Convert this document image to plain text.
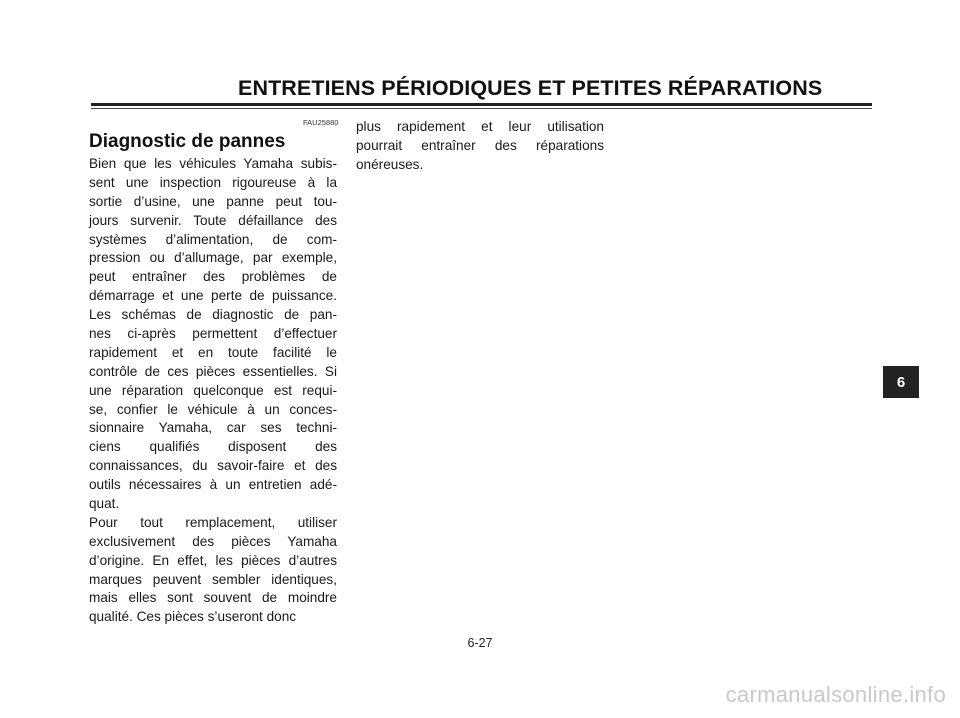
ENTRETIENS PÉRIODIQUES ET PETITES RÉPARATIONS
FAU25880
Diagnostic de pannes
Bien que les véhicules Yamaha subis-
sent une inspection rigoureuse à la
sortie d’usine, une panne peut tou-
jours survenir. Toute défaillance des
systèmes d’alimentation, de com-
pression ou d’allumage, par exemple,
peut entraîner des problèmes de
démarrage et une perte de puissance.
Les schémas de diagnostic de pan-
nes ci-après permettent d’effectuer
rapidement et en toute facilité le
contrôle de ces pièces essentielles. Si
une réparation quelconque est requi-
se, confier le véhicule à un conces-
sionnaire Yamaha, car ses techni-
ciens qualifiés disposent des
connaissances, du savoir-faire et des
outils nécessaires à un entretien adé-
quat.
Pour tout remplacement, utiliser
exclusivement des pièces Yamaha
d’origine. En effet, les pièces d’autres
marques peuvent sembler identiques,
mais elles sont souvent de moindre
qualité. Ces pièces s’useront donc
plus rapidement et leur utilisation
pourrait entraîner des réparations
onéreuses.
6
6-27
carmanualsonline.info
